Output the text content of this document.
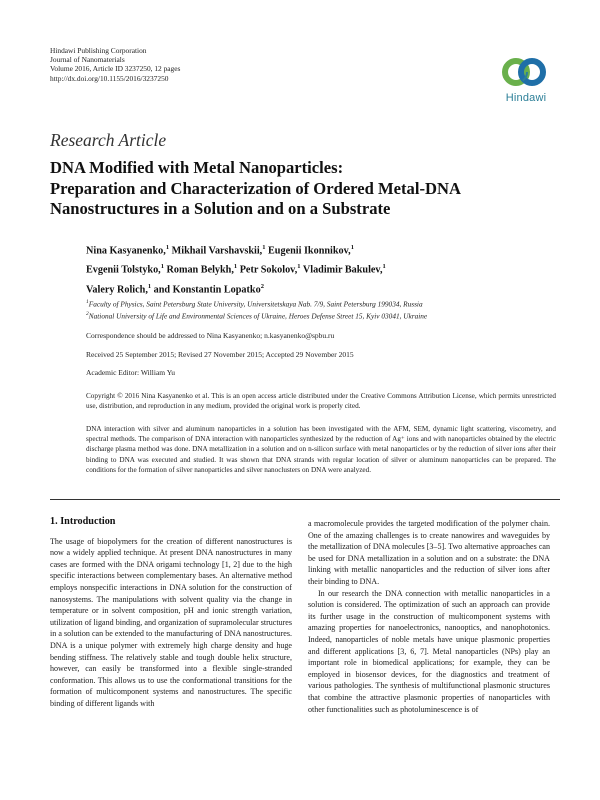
Hindawi Publishing Corporation
Journal of Nanomaterials
Volume 2016, Article ID 3237250, 12 pages
http://dx.doi.org/10.1155/2016/3237250
Hindawi
Research Article
DNA Modified with Metal Nanoparticles:
Preparation and Characterization of Ordered Metal-DNA
Nanostructures in a Solution and on a Substrate
Nina Kasyanenko,$^1$ Mikhail Varshavskii,$^1$ Eugenii Ikonnikov,$^1$
Evgenii Tolstyko,$^1$ Roman Belykh,$^1$ Petr Sokolov,$^1$ Vladimir Bakulev,$^1$
Valery Rolich,$^1$ and Konstantin Lopatko$^2$
$^1$Faculty of Physics, Saint Petersburg State University, Universitetskaya Nab. 7/9, Saint Petersburg 199034, Russia
$^2$National University of Life and Environmental Sciences of Ukraine, Heroes Defense Street 15, Kyiv 03041, Ukraine
Correspondence should be addressed to Nina Kasyanenko; n.kasyanenko@spbu.ru
Received 25 September 2015; Revised 27 November 2015; Accepted 29 November 2015
Academic Editor: William Yu
Copyright © 2016 Nina Kasyanenko et al. This is an open access article distributed under the Creative Commons Attribution License, which permits unrestricted use, distribution, and reproduction in any medium, provided the original work is properly cited.
DNA interaction with silver and aluminum nanoparticles in a solution has been investigated with the AFM, SEM, dynamic light scattering, viscometry, and spectral methods. The comparison of DNA interaction with nanoparticles synthesized by the reduction of Ag⁺ ions and with nanoparticles obtained by the electric discharge plasma method was done. DNA metallization in a solution and on n-silicon surface with metal nanoparticles or by the reduction of silver ions after their binding to DNA was executed and studied. It was shown that DNA strands with regular location of silver or aluminum nanoparticles can be prepared. The conditions for the formation of silver nanoparticles and silver nanoclusters on DNA were analyzed.
1. Introduction

The usage of biopolymers for the creation of different nanostructures is now a widely applied technique. At present DNA nanostructures in many cases are formed with the DNA origami technology [1, 2] due to the high specific interactions between complementary bases. An alternative method employs nonspecific interactions in DNA solution for the construction of nanosystems. The manipulations with solvent quality via the change in temperature or in solvent composition, pH and ionic strength variation, utilization of ligand binding, and organization of supramolecular structures in a solution can be extended to the manufacturing of DNA nanostructures. DNA is a unique polymer with extremely high charge density and huge bending stiffness. The relatively stable and tough double helix structure, however, can easily be transformed into a flexible single-stranded conformation. This allows us to use the conformational transitions for the formation of multicomponent systems and nanostructures. The specific binding of different ligands with

a macromolecule provides the targeted modification of the polymer chain. One of the amazing challenges is to create nanowires and waveguides by the metallization of DNA molecules [3–5]. Two alternative approaches can be used for DNA metallization in a solution and on a substrate: the DNA linking with metallic nanoparticles and the reduction of silver ions after their binding to DNA.

In our research the DNA connection with metallic nanoparticles in a solution is considered. The optimization of such an approach can provide its further usage in the construction of multicomponent systems with amazing properties for nanoelectronics, nanooptics, and nanophotonics. Indeed, nanoparticles of noble metals have unique plasmonic properties and different applications [3, 6, 7]. Metal nanoparticles (NPs) play an important role in biomedical applications; for example, they can be employed in biosensor devices, for the diagnostics and treatment of various pathologies. The synthesis of multifunctional plasmonic structures that combine the attractive plasmonic properties of nanoparticles with other functionalities such as photoluminescence is of
